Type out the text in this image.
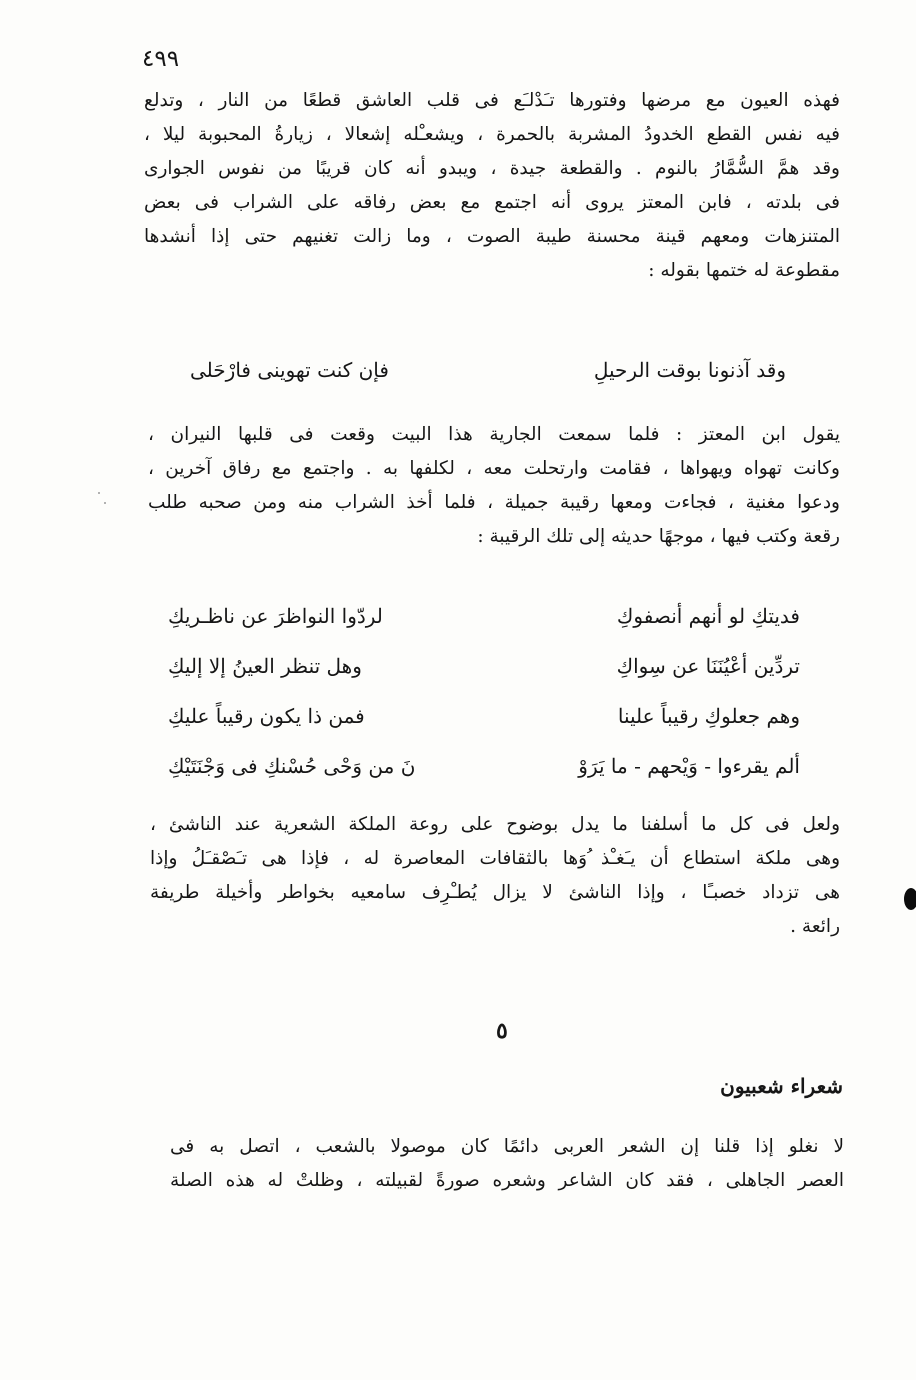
٤٩٩
فهذه العيون مع مرضها وفتورها تـَدْلـَع فى قلب العاشق قطعًا من النار ، وتدلع
فيه نفس القطع الخدودُ المشربة بالحمرة ، ويشعـْله إشعالا ، زيارةُ المحبوبة ليلا ،
وقد همَّ السُّمَّارُ بالنوم . والقطعة جيدة ، ويبدو أنه كان قريبًا من نفوس الجوارى
فى بلدته ، فابن المعتز يروى أنه اجتمع مع بعض رفاقه على الشراب فى بعض
المتنزهات ومعهم قينة محسنة طيبة الصوت ، وما زالت تغنيهم حتى إذا أنشدها
مقطوعة له ختمها بقوله :
وقد آذنونا بوقت الرحيلِ
فإن كنت تهوينى فارْحَلى
يقول ابن المعتز : فلما سمعت الجارية هذا البيت وقعت فى قلبها النيران ،
وكانت تهواه ويهواها ، فقامت وارتحلت معه ، لكلفها به . واجتمع مع رفاق آخرين ،
ودعوا مغنية ، فجاءت ومعها رقيبة جميلة ، فلما أخذ الشراب منه ومن صحبه طلب
رقعة وكتب فيها ، موجهًا حديثه إلى تلك الرقيبة :
فديتكِ لو أنهم أنصفوكِ
لردّوا النواظرَ عن ناظـريكِ
تردِّين أعْيُنَنَا عن سِواكِ
وهل تنظر العينُ إلا إليكِ
وهم جعلوكِ رقيباً علينا
فمن ذا يكون رقيباً عليكِ
ألم يقرءوا - وَيْحهم - ما يَرَوْ
نَ من وَحْى حُسْنكِ فى وَجْنَتَيْكِ
ولعل فى كل ما أسلفنا ما يدل بوضوح على روعة الملكة الشعرية عند الناشئ ،
وهى ملكة استطاع أن يـَغـْذ ُوَها بالثقافات المعاصرة له ، فإذا هى تـَصْقـَلُ وإذا
هى تزداد خصبـًا ، وإذا الناشئ لا يزال يُطـْرِف سامعيه بخواطر وأخيلة طريفة
رائعة .
٥
شعراء شعبيون
لا نغلو إذا قلنا إن الشعر العربى دائمًا كان موصولا بالشعب ، اتصل به فى
العصر الجاهلى ، فقد كان الشاعر وشعره صورةً لقبيلته ، وظلتْ له هذه الصلة
